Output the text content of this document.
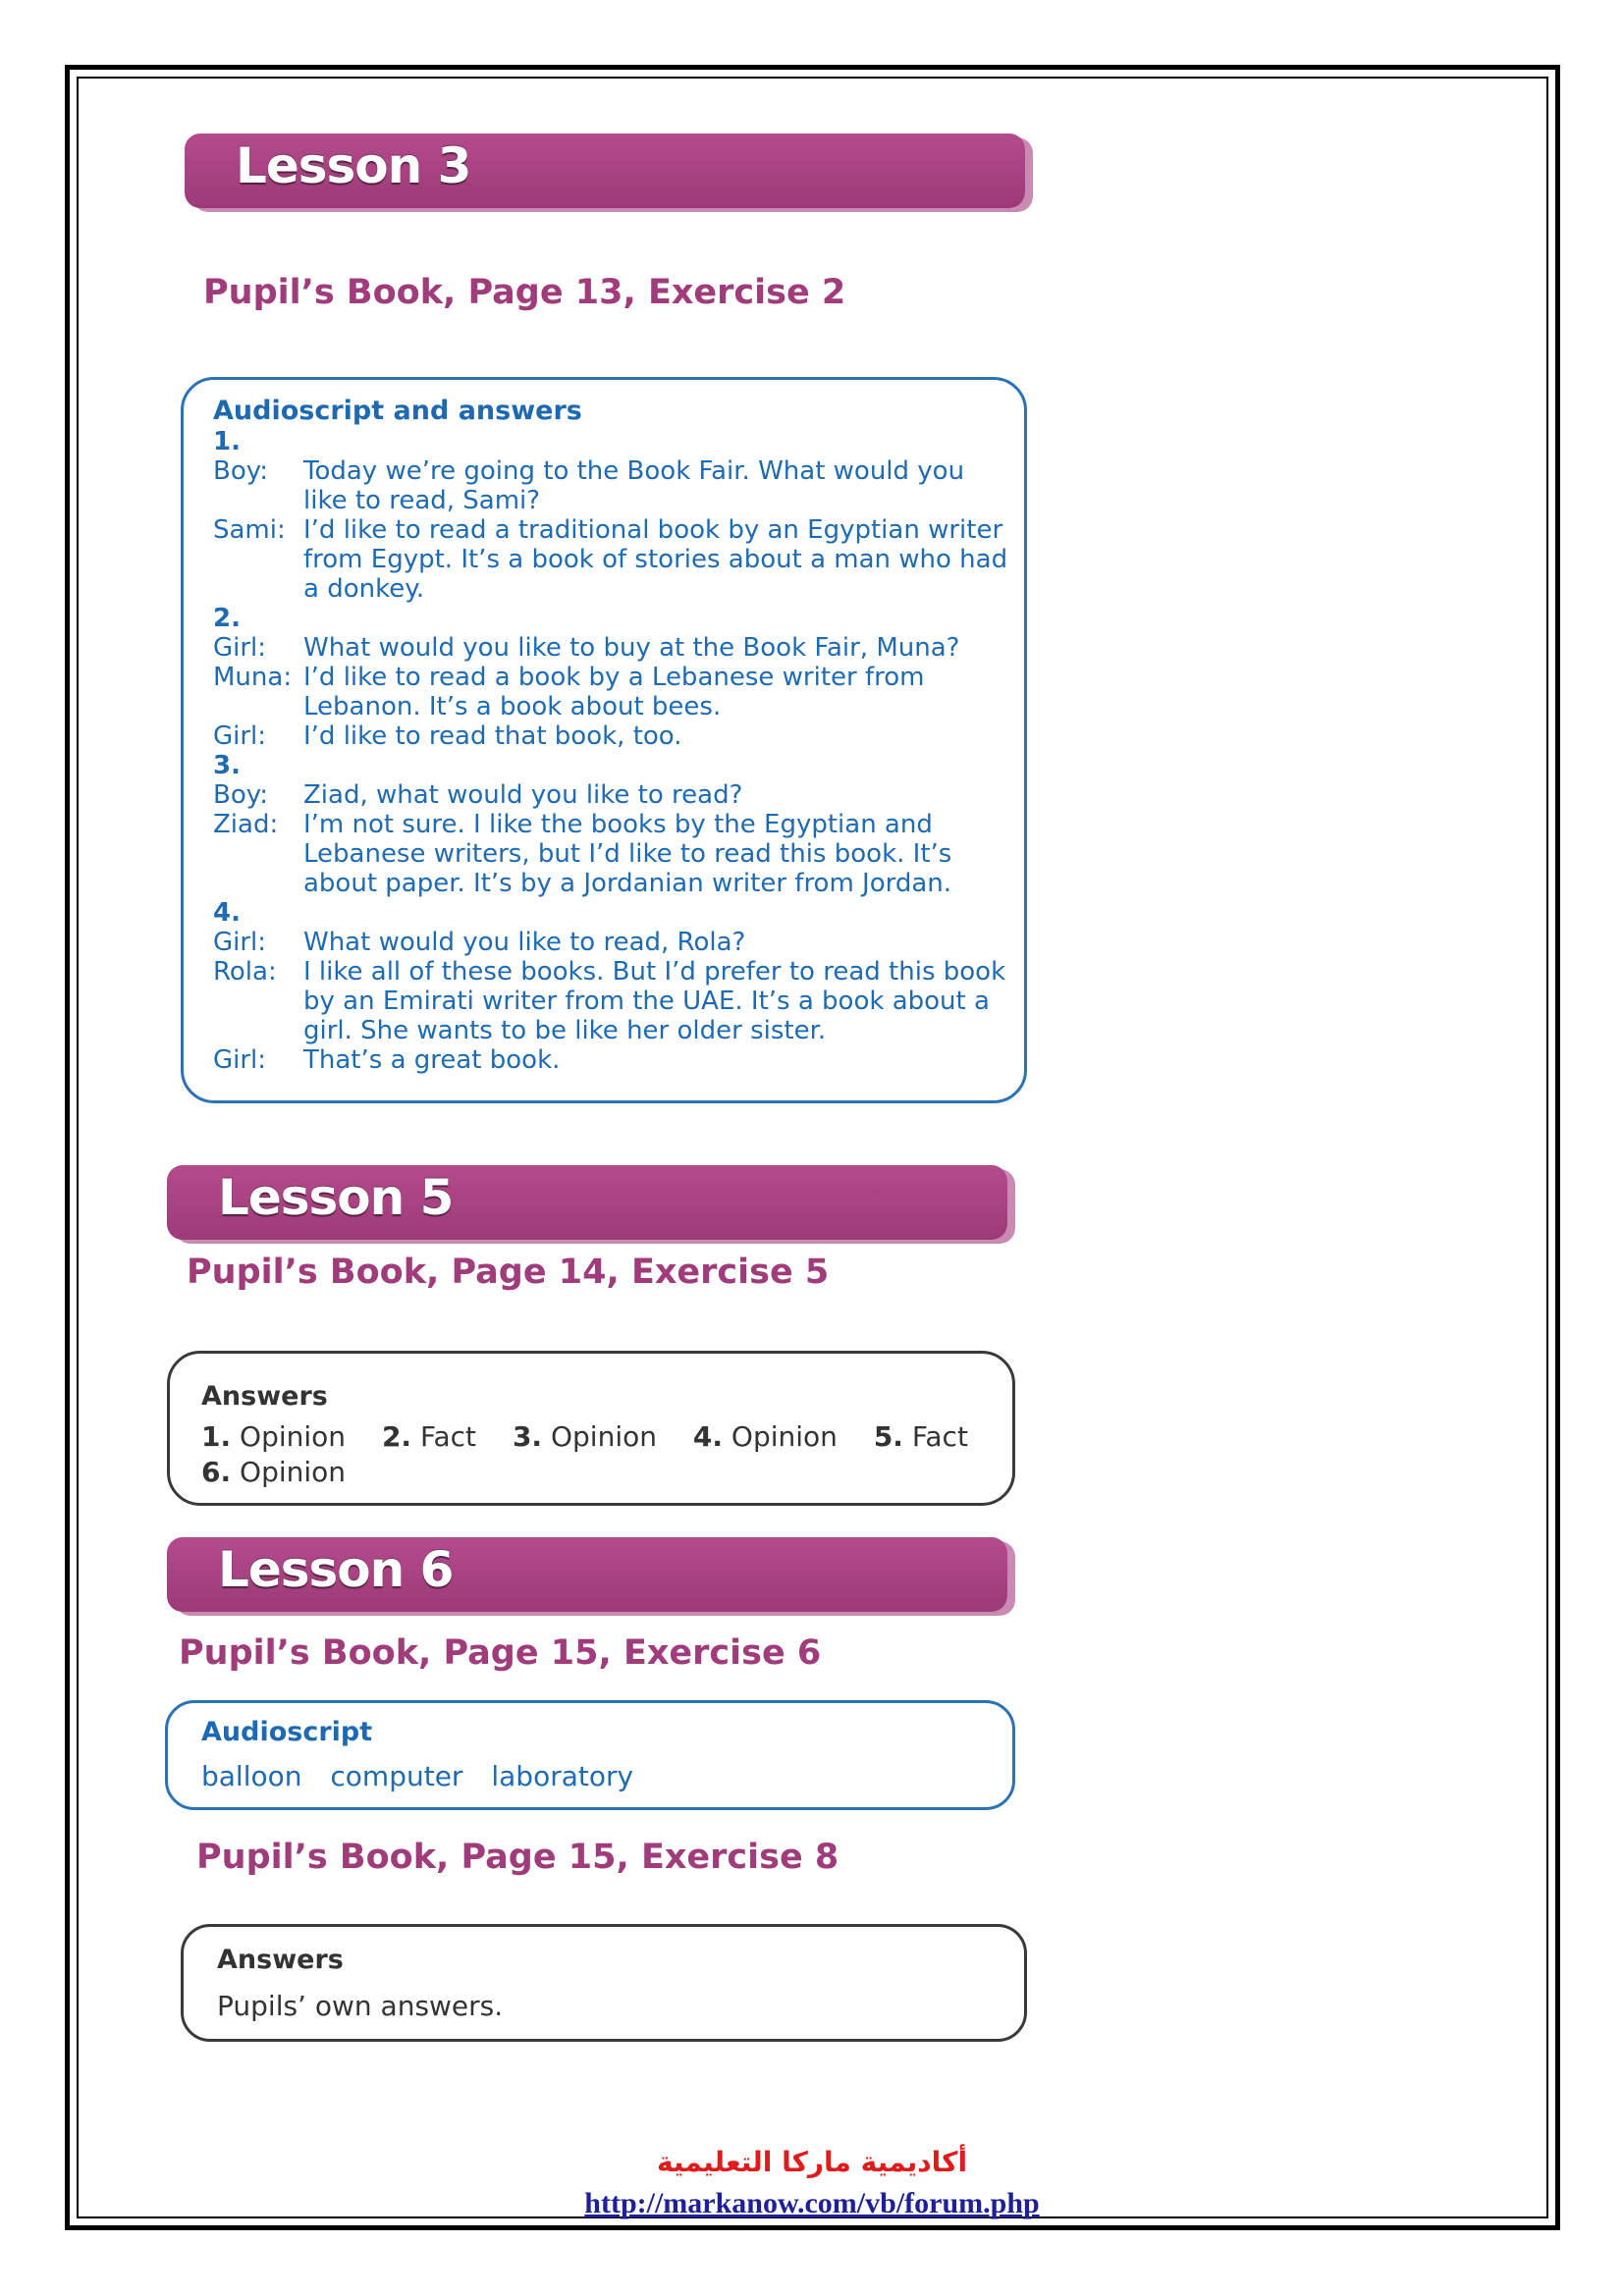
Lesson 3
Pupil’s Book, Page 13, Exercise 2
Audioscript and answers
1.
Boy:	Today we’re going to the Book Fair. What would you like to read, Sami?
Sami: I’d like to read a traditional book by an Egyptian writer from Egypt. It’s a book of stories about a man who had a donkey.
2.
Girl:	What would you like to buy at the Book Fair, Muna?
Muna: I’d like to read a book by a Lebanese writer from Lebanon. It’s a book about bees.
Girl:	I’d like to read that book, too.
3.
Boy:	Ziad, what would you like to read?
Ziad: I’m not sure. I like the books by the Egyptian and Lebanese writers, but I’d like to read this book. It’s about paper. It’s by a Jordanian writer from Jordan.
4.
Girl:	What would you like to read, Rola?
Rola:	I like all of these books. But I’d prefer to read this book by an Emirati writer from the UAE. It’s a book about a girl. She wants to be like her older sister.
Girl:	That’s a great book.
Lesson 5
Pupil’s Book, Page 14, Exercise 5
Answers
1. Opinion 2. Fact 3. Opinion 4. Opinion 5. Fact
6. Opinion
Lesson 6
Pupil’s Book, Page 15, Exercise 6
Audioscript
balloon computer laboratory
Pupil’s Book, Page 15, Exercise 8
Answers
Pupils’ own answers.
أكاديمية ماركا التعليمية
http://markanow.com/vb/forum.php
